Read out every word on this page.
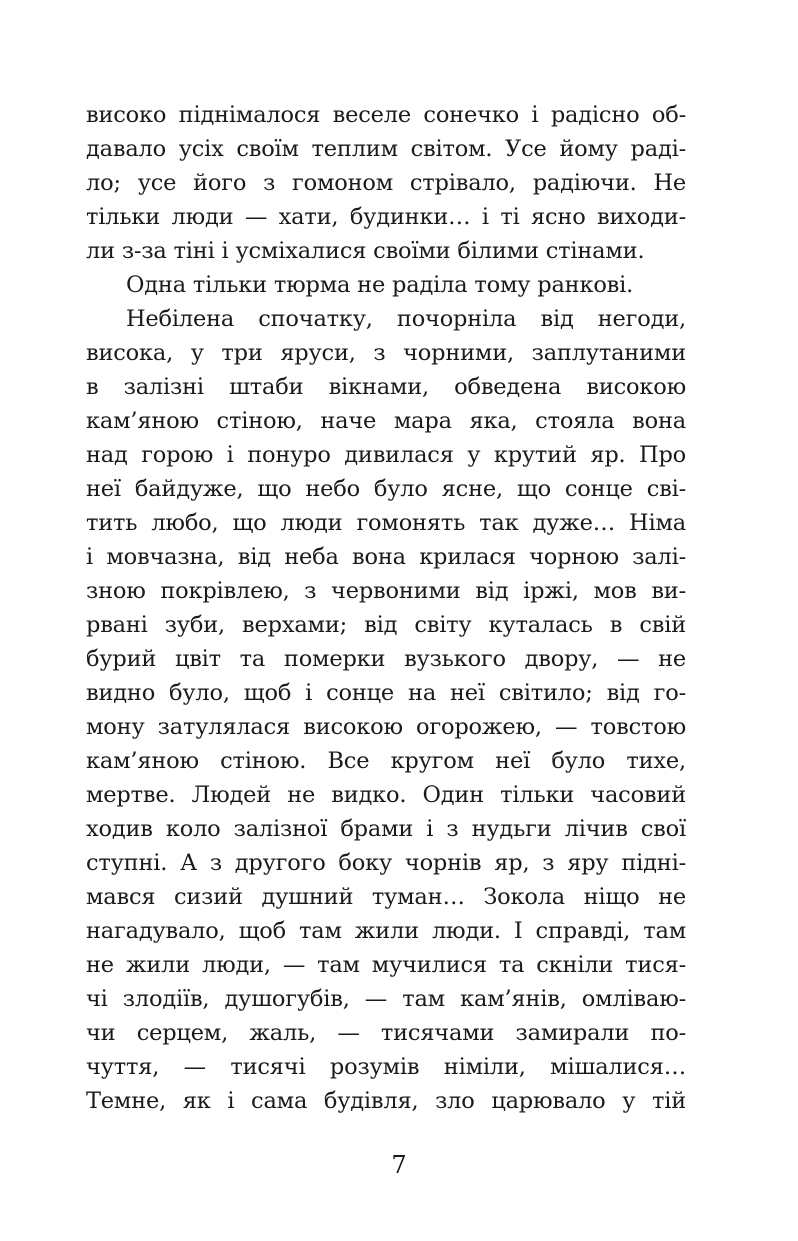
високо піднімалося веселе сонечко і радісно об-
давало усіх своїм теплим світом. Усе йому раді-
ло; усе його з гомоном стрівало, радіючи. Не
тільки люди — хати, будинки… і ті ясно виходи-
ли з-за тіні і усміхалися своїми білими стінами.
Одна тільки тюрма не раділа тому ранкові.
Небілена спочатку, почорніла від негоди,
висока, у три яруси, з чорними, заплутаними
в залізні штаби вікнами, обведена високою
кам’яною стіною, наче мара яка, стояла вона
над горою і понуро дивилася у крутий яр. Про
неї байдуже, що небо було ясне, що сонце сві-
тить любо, що люди гомонять так дуже… Німа
і мовчазна, від неба вона крилася чорною залі-
зною покрівлею, з червоними від іржі, мов ви-
рвані зуби, верхами; від світу куталась в свій
бурий цвіт та померки вузького двору, — не
видно було, щоб і сонце на неї світило; від го-
мону затулялася високою огорожею, — товстою
кам’яною стіною. Все кругом неї було тихе,
мертве. Людей не видко. Один тільки часовий
ходив коло залізної брами і з нудьги лічив свої
ступні. А з другого боку чорнів яр, з яру підні-
мався сизий душний туман… Зокола ніщо не
нагадувало, щоб там жили люди. І справді, там
не жили люди, — там мучилися та скніли тися-
чі злодіїв, душогубів, — там кам’янів, омліваю-
чи серцем, жаль, — тисячами замирали по-
чуття, — тисячі розумів німіли, мішалися…
Темне, як і сама будівля, зло царювало у тій
7
